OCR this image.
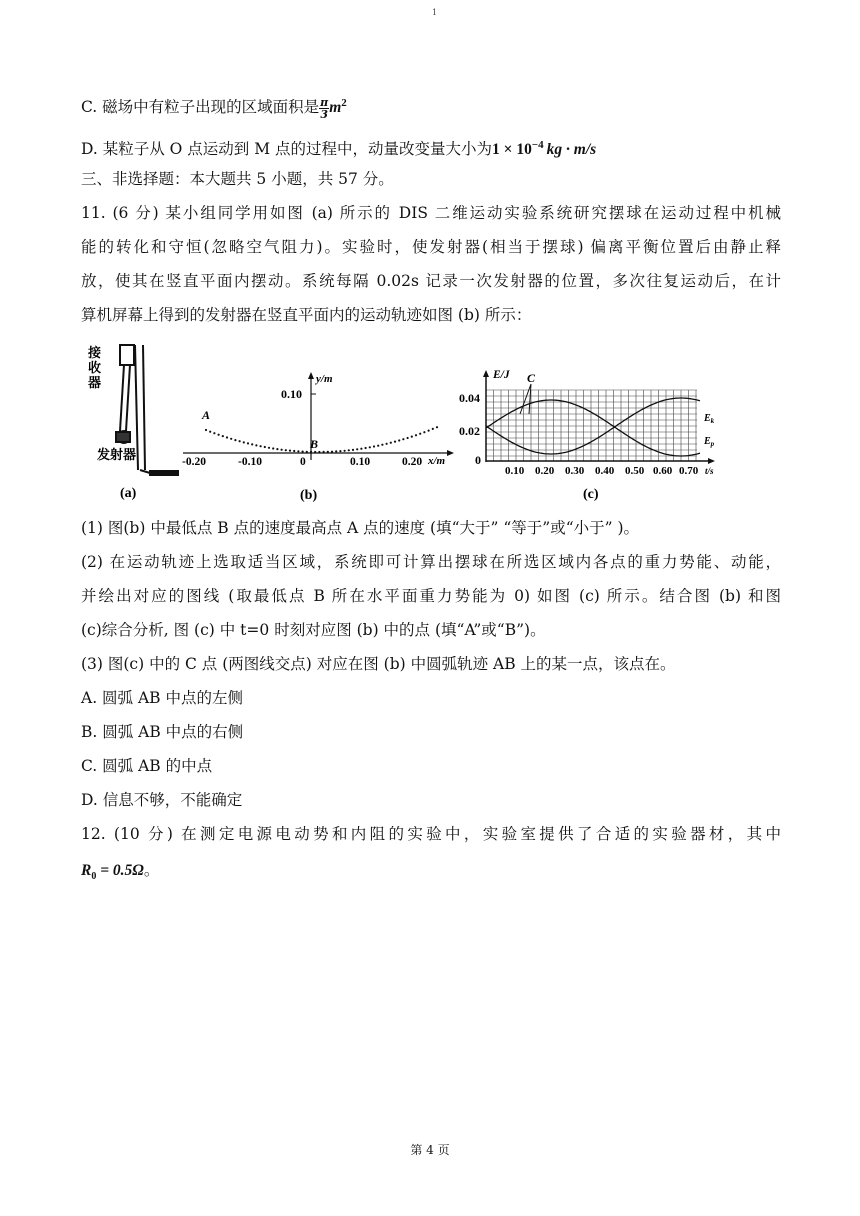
1
C. 磁场中有粒子出现的区域面积是 $\frac{\pi}{3} m^2$
D. 某粒子从 O 点运动到 M 点的过程中，动量改变量大小为$1 \times 10^{-4}$ kg · m/s
三、非选择题：本大题共 5 小题，共 57 分。
11. (6 分) 某小组同学用如图 (a) 所示的 DIS 二维运动实验系统研究摆球在运动过程中机械
能的转化和守恒(忽略空气阻力)。实验时，使发射器(相当于摆球) 偏离平衡位置后由静止释
放，使其在竖直平面内摆动。系统每隔 0.02s 记录一次发射器的位置，多次往复运动后，在计
算机屏幕上得到的发射器在竖直平面内的运动轨迹如图 (b) 所示：
接
收
器
发射器
(a)
y/m
0.10
A
B
-0.20	-0.10	0	0.10	0.20 x/m
(b)
E/J C
0.04
0.02
0
0.10 0.20 0.30 0.40 0.50 0.60 0.70 t/s
$E_k$
$E_p$
(c)
(1) 图(b) 中最低点 B 点的速度最高点 A 点的速度 (填“大于” “等于”或“小于” )。
(2) 在运动轨迹上选取适当区域，系统即可计算出摆球在所选区域内各点的重力势能、动能，
并绘出对应的图线 (取最低点 B 所在水平面重力势能为 0) 如图 (c) 所示。结合图 (b) 和图
(c)综合分析, 图 (c) 中 t=0 时刻对应图 (b) 中的点 (填“A”或“B”)。
(3) 图(c) 中的 C 点 (两图线交点) 对应在图 (b) 中圆弧轨迹 AB 上的某一点，该点在。
A. 圆弧 AB 中点的左侧
B. 圆弧 AB 中点的右侧
C. 圆弧 AB 的中点
D. 信息不够，不能确定
12. (10 分) 在测定电源电动势和内阻的实验中，实验室提供了合适的实验器材，其中
$R_0 = 0.5\Omega$。
第 4 页
